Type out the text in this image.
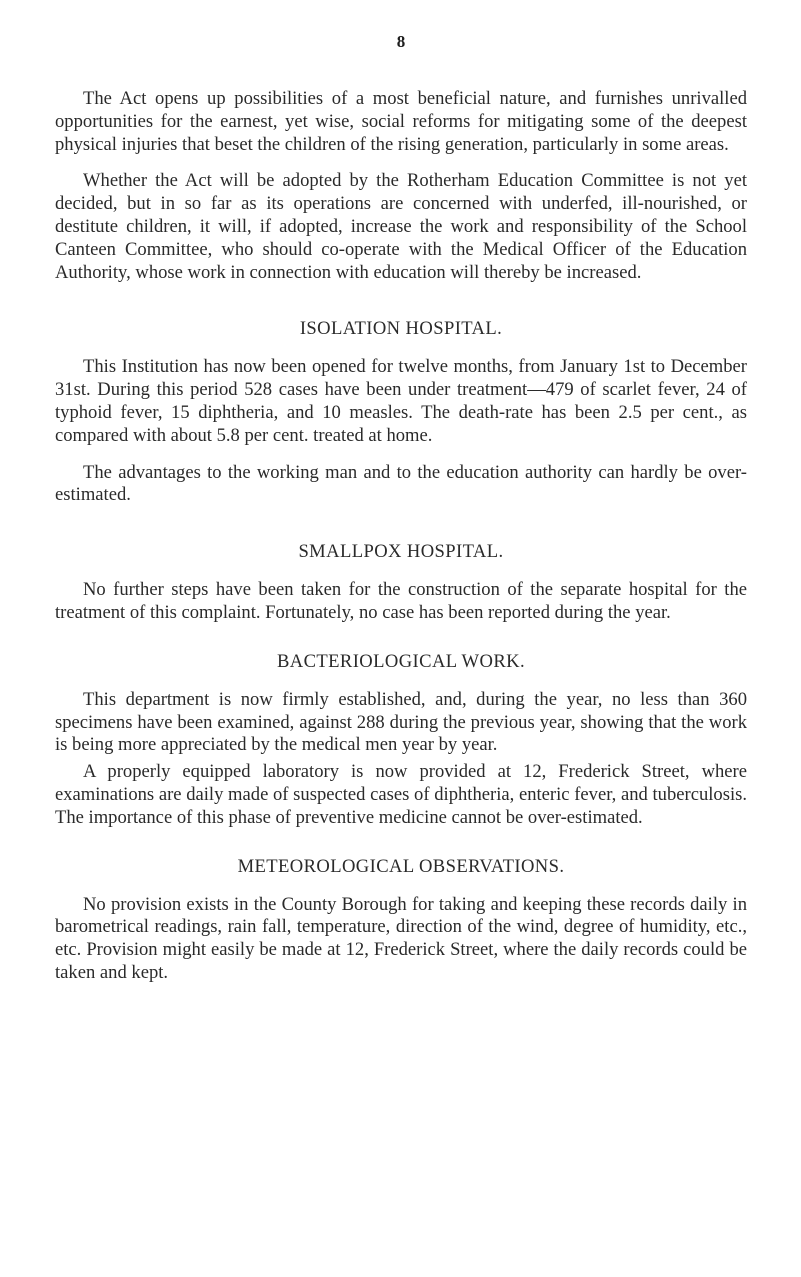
8

The Act opens up possibilities of a most beneficial nature, and furnishes unrivalled opportunities for the earnest, yet wise, social reforms for mitigating some of the deepest physical injuries that beset the children of the rising generation, particularly in some areas.

Whether the Act will be adopted by the Rotherham Education Committee is not yet decided, but in so far as its operations are concerned with underfed, ill-nourished, or destitute children, it will, if adopted, increase the work and responsibility of the School Canteen Committee, who should co-operate with the Medical Officer of the Education Authority, whose work in connection with education will thereby be increased.

ISOLATION HOSPITAL.

This Institution has now been opened for twelve months, from January 1st to December 31st. During this period 528 cases have been under treatment—479 of scarlet fever, 24 of typhoid fever, 15 diphtheria, and 10 measles. The death-rate has been 2.5 per cent., as compared with about 5.8 per cent. treated at home.

The advantages to the working man and to the education authority can hardly be over-estimated.

SMALLPOX HOSPITAL.

No further steps have been taken for the construction of the separate hospital for the treatment of this complaint. Fortunately, no case has been reported during the year.

BACTERIOLOGICAL WORK.

This department is now firmly established, and, during the year, no less than 360 specimens have been examined, against 288 during the previous year, showing that the work is being more appreciated by the medical men year by year.

A properly equipped laboratory is now provided at 12, Frederick Street, where examinations are daily made of suspected cases of diphtheria, enteric fever, and tuberculosis. The importance of this phase of preventive medicine cannot be over-estimated.

METEOROLOGICAL OBSERVATIONS.

No provision exists in the County Borough for taking and keeping these records daily in barometrical readings, rain fall, temperature, direction of the wind, degree of humidity, etc., etc. Provision might easily be made at 12, Frederick Street, where the daily records could be taken and kept.
